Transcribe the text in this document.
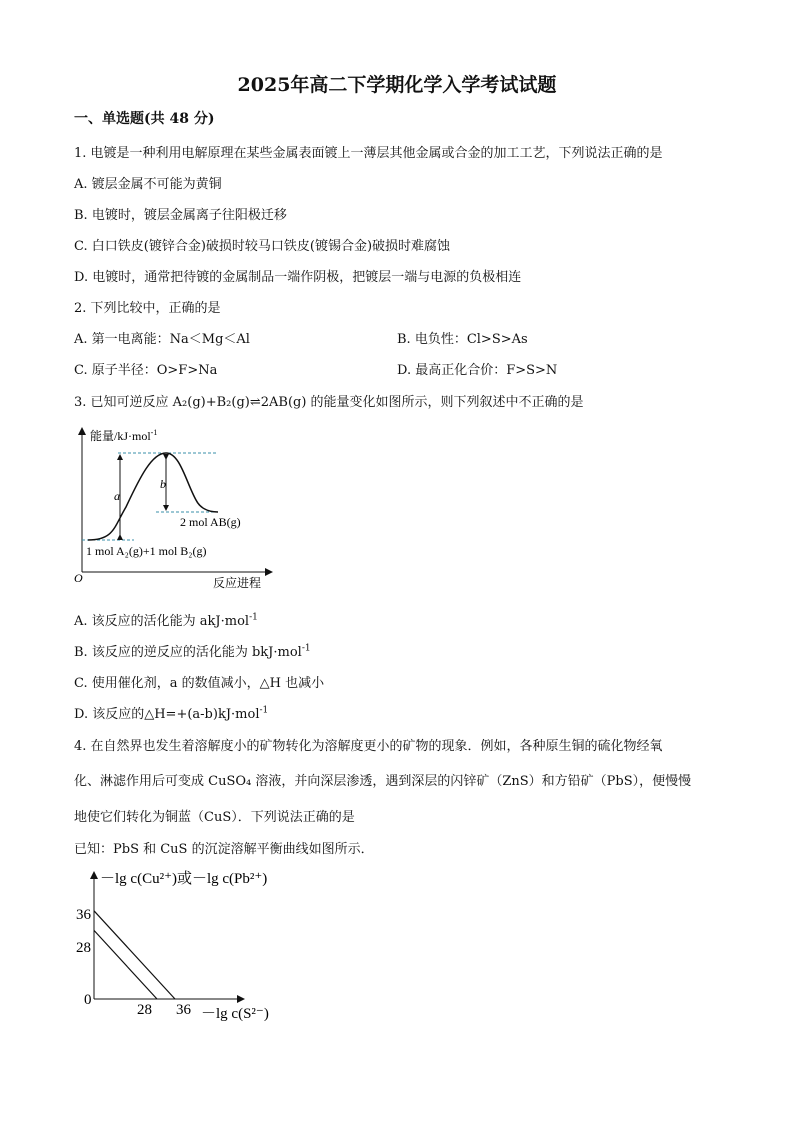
2025年高二下学期化学入学考试试题
一、单选题(共 48 分)
1. 电镀是一种利用电解原理在某些金属表面镀上一薄层其他金属或合金的加工工艺，下列说法正确的是
A. 镀层金属不可能为黄铜
B. 电镀时，镀层金属离子往阳极迁移
C. 白口铁皮(镀锌合金)破损时较马口铁皮(镀锡合金)破损时难腐蚀
D. 电镀时，通常把待镀的金属制品一端作阴极，把镀层一端与电源的负极相连
2. 下列比较中，正确的是
A. 第一电离能：Na＜Mg＜Al	B. 电负性：Cl>S>As
C. 原子半径：O>F>Na	D. 最高正化合价：F>S>N
3. 已知可逆反应 A₂(g)+B₂(g)⇌2AB(g) 的能量变化如图所示，则下列叙述中不正确的是
能量/kJ·mol$^{-1}$
O	反应进程
a
b
2 mol AB(g)
1 mol A₂(g)+1 mol B₂(g)
A. 该反应的活化能为 akJ·mol$^{-1}$
B. 该反应的逆反应的活化能为 bkJ·mol$^{-1}$
C. 使用催化剂，a 的数值减小，△H 也减小
D. 该反应的△H=+(a-b)kJ·mol$^{-1}$
4. 在自然界也发生着溶解度小的矿物转化为溶解度更小的矿物的现象．例如，各种原生铜的硫化物经氧
化、淋滤作用后可变成 CuSO₄ 溶液，并向深层渗透，遇到深层的闪锌矿（ZnS）和方铅矿（PbS），便慢慢
地使它们转化为铜蓝（CuS）．下列说法正确的是
已知：PbS 和 CuS 的沉淀溶解平衡曲线如图所示．
－lg c(Cu²⁺)或－lg c(Pb²⁺)
－lg c(S²⁻)
0
28
36
28 36
